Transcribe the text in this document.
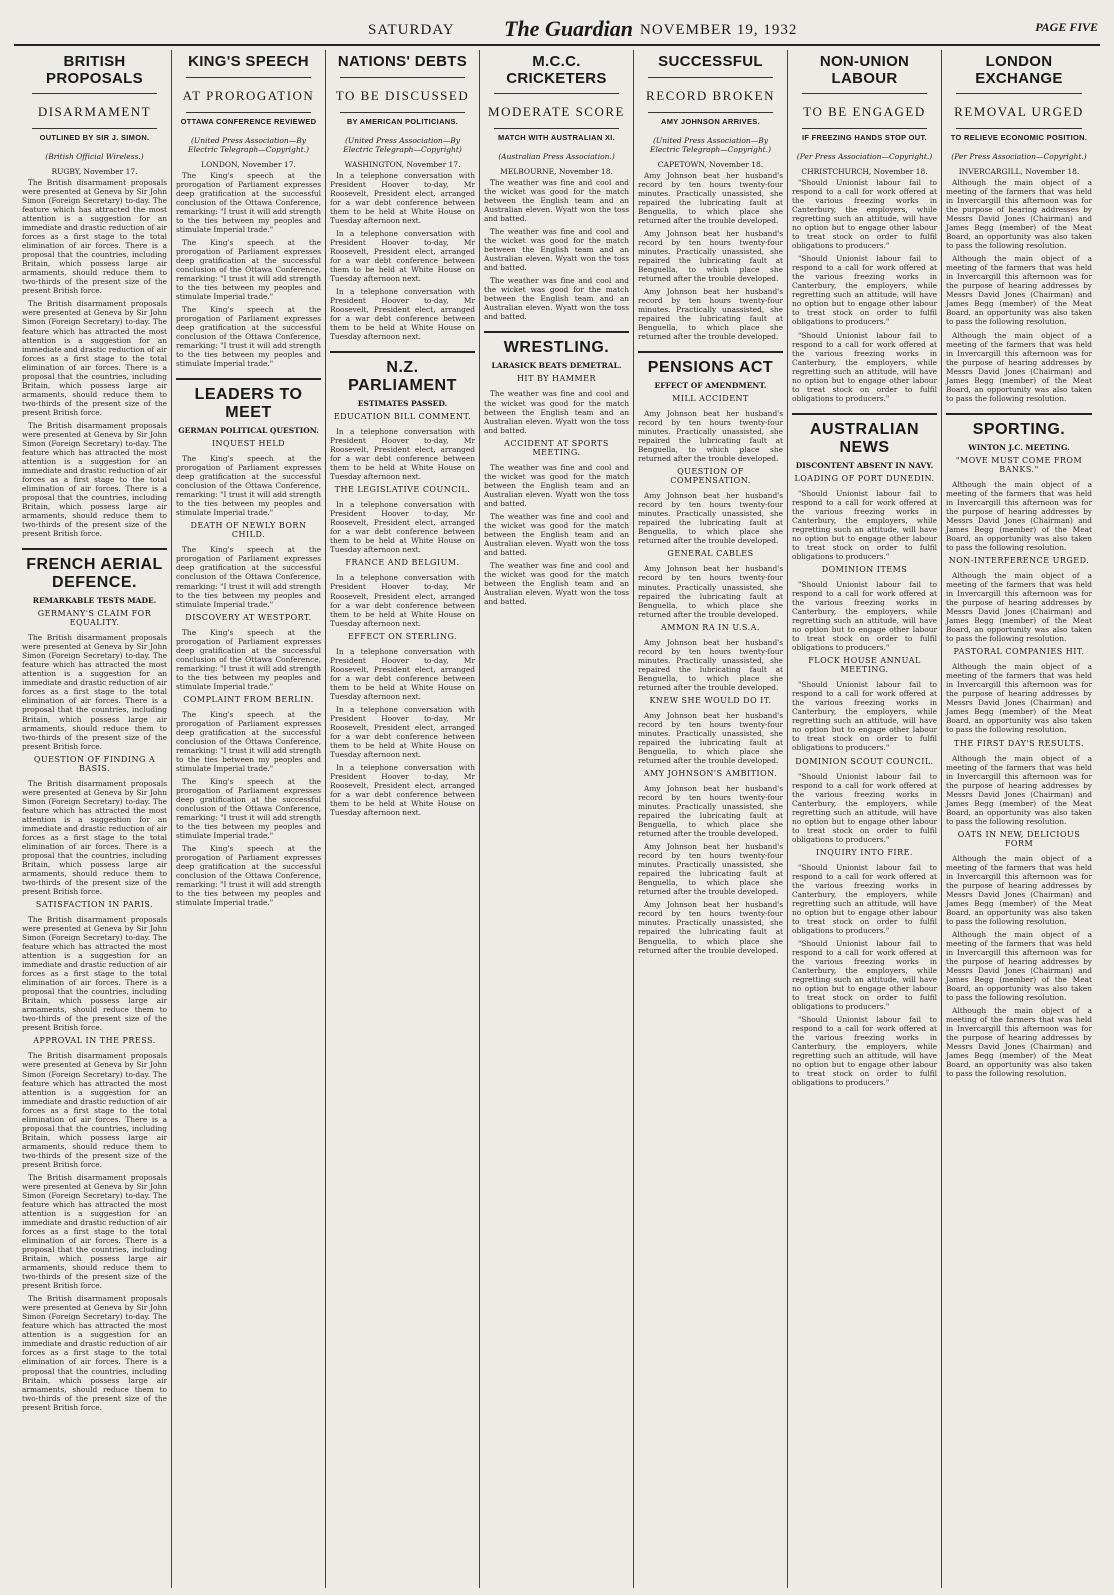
SATURDAY The Guardian NOVEMBER 19, 1932	PAGE FIVE
BRITISH PROPOSALS
DISARMAMENT
OUTLINED BY SIR J. SIMON.
(British Official Wireless.)
RUGBY, November 17.

The British disarmament proposals were presented at Geneva by Sir John Simon (Foreign Secretary) to-day. The feature which has attracted the most attention is a suggestion for an immediate and drastic reduction of air forces as a first stage to the total elimination of air forces. There is a proposal that the countries, including Britain, which possess large air armaments, should reduce them to two-thirds of the present size of the present British force.

The British disarmament proposals were presented at Geneva by Sir John Simon (Foreign Secretary) to-day. The feature which has attracted the most attention is a suggestion for an immediate and drastic reduction of air forces as a first stage to the total elimination of air forces. There is a proposal that the countries, including Britain, which possess large air armaments, should reduce them to two-thirds of the present size of the present British force.

The British disarmament proposals were presented at Geneva by Sir John Simon (Foreign Secretary) to-day. The feature which has attracted the most attention is a suggestion for an immediate and drastic reduction of air forces as a first stage to the total elimination of air forces. There is a proposal that the countries, including Britain, which possess large air armaments, should reduce them to two-thirds of the present size of the present British force.

FRENCH AERIAL DEFENCE.
REMARKABLE TESTS MADE.
GERMANY'S CLAIM FOR EQUALITY.

The British disarmament proposals were presented at Geneva by Sir John Simon (Foreign Secretary) to-day. The feature which has attracted the most attention is a suggestion for an immediate and drastic reduction of air forces as a first stage to the total elimination of air forces. There is a proposal that the countries, including Britain, which possess large air armaments, should reduce them to two-thirds of the present size of the present British force.

QUESTION OF FINDING A BASIS.

The British disarmament proposals were presented at Geneva by Sir John Simon (Foreign Secretary) to-day. The feature which has attracted the most attention is a suggestion for an immediate and drastic reduction of air forces as a first stage to the total elimination of air forces. There is a proposal that the countries, including Britain, which possess large air armaments, should reduce them to two-thirds of the present size of the present British force.

SATISFACTION IN PARIS.

The British disarmament proposals were presented at Geneva by Sir John Simon (Foreign Secretary) to-day. The feature which has attracted the most attention is a suggestion for an immediate and drastic reduction of air forces as a first stage to the total elimination of air forces. There is a proposal that the countries, including Britain, which possess large air armaments, should reduce them to two-thirds of the present size of the present British force.

APPROVAL IN THE PRESS.

The British disarmament proposals were presented at Geneva by Sir John Simon (Foreign Secretary) to-day. The feature which has attracted the most attention is a suggestion for an immediate and drastic reduction of air forces as a first stage to the total elimination of air forces. There is a proposal that the countries, including Britain, which possess large air armaments, should reduce them to two-thirds of the present size of the present British force.

The British disarmament proposals were presented at Geneva by Sir John Simon (Foreign Secretary) to-day. The feature which has attracted the most attention is a suggestion for an immediate and drastic reduction of air forces as a first stage to the total elimination of air forces. There is a proposal that the countries, including Britain, which possess large air armaments, should reduce them to two-thirds of the present size of the present British force.

The British disarmament proposals were presented at Geneva by Sir John Simon (Foreign Secretary) to-day. The feature which has attracted the most attention is a suggestion for an immediate and drastic reduction of air forces as a first stage to the total elimination of air forces. There is a proposal that the countries, including Britain, which possess large air armaments, should reduce them to two-thirds of the present size of the present British force.

KING'S SPEECH
AT PROROGATION
OTTAWA CONFERENCE REVIEWED
(United Press Association—By Electric Telegraph—Copyright.)
LONDON, November 17.

The King's speech at the prorogation of Parliament expresses deep gratification at the successful conclusion of the Ottawa Conference, remarking: "I trust it will add strength to the ties between my peoples and stimulate Imperial trade."

The King's speech at the prorogation of Parliament expresses deep gratification at the successful conclusion of the Ottawa Conference, remarking: "I trust it will add strength to the ties between my peoples and stimulate Imperial trade."

The King's speech at the prorogation of Parliament expresses deep gratification at the successful conclusion of the Ottawa Conference, remarking: "I trust it will add strength to the ties between my peoples and stimulate Imperial trade."

LEADERS TO MEET
GERMAN POLITICAL QUESTION.
INQUEST HELD

The King's speech at the prorogation of Parliament expresses deep gratification at the successful conclusion of the Ottawa Conference, remarking: "I trust it will add strength to the ties between my peoples and stimulate Imperial trade."

DEATH OF NEWLY BORN CHILD.

The King's speech at the prorogation of Parliament expresses deep gratification at the successful conclusion of the Ottawa Conference, remarking: "I trust it will add strength to the ties between my peoples and stimulate Imperial trade."

DISCOVERY AT WESTPORT.

The King's speech at the prorogation of Parliament expresses deep gratification at the successful conclusion of the Ottawa Conference, remarking: "I trust it will add strength to the ties between my peoples and stimulate Imperial trade."

COMPLAINT FROM BERLIN.

The King's speech at the prorogation of Parliament expresses deep gratification at the successful conclusion of the Ottawa Conference, remarking: "I trust it will add strength to the ties between my peoples and stimulate Imperial trade."

The King's speech at the prorogation of Parliament expresses deep gratification at the successful conclusion of the Ottawa Conference, remarking: "I trust it will add strength to the ties between my peoples and stimulate Imperial trade."

The King's speech at the prorogation of Parliament expresses deep gratification at the successful conclusion of the Ottawa Conference, remarking: "I trust it will add strength to the ties between my peoples and stimulate Imperial trade."

NATIONS' DEBTS
TO BE DISCUSSED
BY AMERICAN POLITICIANS.
(United Press Association—By Electric Telegraph—Copyright)
WASHINGTON, November 17.

In a telephone conversation with President Hoover to-day, Mr Roosevelt, President elect, arranged for a war debt conference between them to be held at White House on Tuesday afternoon next.

In a telephone conversation with President Hoover to-day, Mr Roosevelt, President elect, arranged for a war debt conference between them to be held at White House on Tuesday afternoon next.

In a telephone conversation with President Hoover to-day, Mr Roosevelt, President elect, arranged for a war debt conference between them to be held at White House on Tuesday afternoon next.

N.Z. PARLIAMENT
ESTIMATES PASSED.
EDUCATION BILL COMMENT.

In a telephone conversation with President Hoover to-day, Mr Roosevelt, President elect, arranged for a war debt conference between them to be held at White House on Tuesday afternoon next.

THE LEGISLATIVE COUNCIL.

In a telephone conversation with President Hoover to-day, Mr Roosevelt, President elect, arranged for a war debt conference between them to be held at White House on Tuesday afternoon next.

FRANCE AND BELGIUM.

In a telephone conversation with President Hoover to-day, Mr Roosevelt, President elect, arranged for a war debt conference between them to be held at White House on Tuesday afternoon next.

EFFECT ON STERLING.

In a telephone conversation with President Hoover to-day, Mr Roosevelt, President elect, arranged for a war debt conference between them to be held at White House on Tuesday afternoon next.

In a telephone conversation with President Hoover to-day, Mr Roosevelt, President elect, arranged for a war debt conference between them to be held at White House on Tuesday afternoon next.

In a telephone conversation with President Hoover to-day, Mr Roosevelt, President elect, arranged for a war debt conference between them to be held at White House on Tuesday afternoon next.

M.C.C. CRICKETERS
MODERATE SCORE
MATCH WITH AUSTRALIAN XI.
(Australian Press Association.)
MELBOURNE, November 18.

The weather was fine and cool and the wicket was good for the match between the English team and an Australian eleven. Wyatt won the toss and batted.

The weather was fine and cool and the wicket was good for the match between the English team and an Australian eleven. Wyatt won the toss and batted.

The weather was fine and cool and the wicket was good for the match between the English team and an Australian eleven. Wyatt won the toss and batted.

WRESTLING.
LARASICK BEATS DEMETRAL.
HIT BY HAMMER

The weather was fine and cool and the wicket was good for the match between the English team and an Australian eleven. Wyatt won the toss and batted.

ACCIDENT AT SPORTS MEETING.

The weather was fine and cool and the wicket was good for the match between the English team and an Australian eleven. Wyatt won the toss and batted.

The weather was fine and cool and the wicket was good for the match between the English team and an Australian eleven. Wyatt won the toss and batted.

The weather was fine and cool and the wicket was good for the match between the English team and an Australian eleven. Wyatt won the toss and batted.

SUCCESSFUL
RECORD BROKEN
AMY JOHNSON ARRIVES.
(United Press Association—By Electric Telegraph—Copyright.)
CAPETOWN, November 18.

Amy Johnson beat her husband's record by ten hours twenty-four minutes. Practically unassisted, she repaired the lubricating fault at Benguella, to which place she returned after the trouble developed.

Amy Johnson beat her husband's record by ten hours twenty-four minutes. Practically unassisted, she repaired the lubricating fault at Benguella, to which place she returned after the trouble developed.

Amy Johnson beat her husband's record by ten hours twenty-four minutes. Practically unassisted, she repaired the lubricating fault at Benguella, to which place she returned after the trouble developed.

PENSIONS ACT
EFFECT OF AMENDMENT.
MILL ACCIDENT

Amy Johnson beat her husband's record by ten hours twenty-four minutes. Practically unassisted, she repaired the lubricating fault at Benguella, to which place she returned after the trouble developed.

QUESTION OF COMPENSATION.

Amy Johnson beat her husband's record by ten hours twenty-four minutes. Practically unassisted, she repaired the lubricating fault at Benguella, to which place she returned after the trouble developed.

GENERAL CABLES

Amy Johnson beat her husband's record by ten hours twenty-four minutes. Practically unassisted, she repaired the lubricating fault at Benguella, to which place she returned after the trouble developed.

AMMON RA IN U.S.A.

Amy Johnson beat her husband's record by ten hours twenty-four minutes. Practically unassisted, she repaired the lubricating fault at Benguella, to which place she returned after the trouble developed.

KNEW SHE WOULD DO IT.

Amy Johnson beat her husband's record by ten hours twenty-four minutes. Practically unassisted, she repaired the lubricating fault at Benguella, to which place she returned after the trouble developed.

AMY JOHNSON'S AMBITION.

Amy Johnson beat her husband's record by ten hours twenty-four minutes. Practically unassisted, she repaired the lubricating fault at Benguella, to which place she returned after the trouble developed.

Amy Johnson beat her husband's record by ten hours twenty-four minutes. Practically unassisted, she repaired the lubricating fault at Benguella, to which place she returned after the trouble developed.

Amy Johnson beat her husband's record by ten hours twenty-four minutes. Practically unassisted, she repaired the lubricating fault at Benguella, to which place she returned after the trouble developed.

NON-UNION LABOUR
TO BE ENGAGED
IF FREEZING HANDS STOP OUT.
(Per Press Association—Copyright.)
CHRISTCHURCH, November 18.

"Should Unionist labour fail to respond to a call for work offered at the various freezing works in Canterbury, the employers, while regretting such an attitude, will have no option but to engage other labour to treat stock on order to fulfil obligations to producers."

"Should Unionist labour fail to respond to a call for work offered at the various freezing works in Canterbury, the employers, while regretting such an attitude, will have no option but to engage other labour to treat stock on order to fulfil obligations to producers."

"Should Unionist labour fail to respond to a call for work offered at the various freezing works in Canterbury, the employers, while regretting such an attitude, will have no option but to engage other labour to treat stock on order to fulfil obligations to producers."

AUSTRALIAN NEWS
DISCONTENT ABSENT IN NAVY.
LOADING OF PORT DUNEDIN.

"Should Unionist labour fail to respond to a call for work offered at the various freezing works in Canterbury, the employers, while regretting such an attitude, will have no option but to engage other labour to treat stock on order to fulfil obligations to producers."

DOMINION ITEMS

"Should Unionist labour fail to respond to a call for work offered at the various freezing works in Canterbury, the employers, while regretting such an attitude, will have no option but to engage other labour to treat stock on order to fulfil obligations to producers."

FLOCK HOUSE ANNUAL MEETING.

"Should Unionist labour fail to respond to a call for work offered at the various freezing works in Canterbury, the employers, while regretting such an attitude, will have no option but to engage other labour to treat stock on order to fulfil obligations to producers."

DOMINION SCOUT COUNCIL.

"Should Unionist labour fail to respond to a call for work offered at the various freezing works in Canterbury, the employers, while regretting such an attitude, will have no option but to engage other labour to treat stock on order to fulfil obligations to producers."

INQUIRY INTO FIRE.

"Should Unionist labour fail to respond to a call for work offered at the various freezing works in Canterbury, the employers, while regretting such an attitude, will have no option but to engage other labour to treat stock on order to fulfil obligations to producers."

"Should Unionist labour fail to respond to a call for work offered at the various freezing works in Canterbury, the employers, while regretting such an attitude, will have no option but to engage other labour to treat stock on order to fulfil obligations to producers."

"Should Unionist labour fail to respond to a call for work offered at the various freezing works in Canterbury, the employers, while regretting such an attitude, will have no option but to engage other labour to treat stock on order to fulfil obligations to producers."

LONDON EXCHANGE
REMOVAL URGED
TO RELIEVE ECONOMIC POSITION.
(Per Press Association—Copyright.)
INVERCARGILL, November 18.

Although the main object of a meeting of the farmers that was held in Invercargill this afternoon was for the purpose of hearing addresses by Messrs David Jones (Chairman) and James Begg (member) of the Meat Board, an opportunity was also taken to pass the following resolution.

Although the main object of a meeting of the farmers that was held in Invercargill this afternoon was for the purpose of hearing addresses by Messrs David Jones (Chairman) and James Begg (member) of the Meat Board, an opportunity was also taken to pass the following resolution.

Although the main object of a meeting of the farmers that was held in Invercargill this afternoon was for the purpose of hearing addresses by Messrs David Jones (Chairman) and James Begg (member) of the Meat Board, an opportunity was also taken to pass the following resolution.

SPORTING.
WINTON J.C. MEETING.
"MOVE MUST COME FROM BANKS."

Although the main object of a meeting of the farmers that was held in Invercargill this afternoon was for the purpose of hearing addresses by Messrs David Jones (Chairman) and James Begg (member) of the Meat Board, an opportunity was also taken to pass the following resolution.

NON-INTERFERENCE URGED.

Although the main object of a meeting of the farmers that was held in Invercargill this afternoon was for the purpose of hearing addresses by Messrs David Jones (Chairman) and James Begg (member) of the Meat Board, an opportunity was also taken to pass the following resolution.

PASTORAL COMPANIES HIT.

Although the main object of a meeting of the farmers that was held in Invercargill this afternoon was for the purpose of hearing addresses by Messrs David Jones (Chairman) and James Begg (member) of the Meat Board, an opportunity was also taken to pass the following resolution.

THE FIRST DAY'S RESULTS.

Although the main object of a meeting of the farmers that was held in Invercargill this afternoon was for the purpose of hearing addresses by Messrs David Jones (Chairman) and James Begg (member) of the Meat Board, an opportunity was also taken to pass the following resolution.

OATS IN NEW, DELICIOUS FORM

Although the main object of a meeting of the farmers that was held in Invercargill this afternoon was for the purpose of hearing addresses by Messrs David Jones (Chairman) and James Begg (member) of the Meat Board, an opportunity was also taken to pass the following resolution.

Although the main object of a meeting of the farmers that was held in Invercargill this afternoon was for the purpose of hearing addresses by Messrs David Jones (Chairman) and James Begg (member) of the Meat Board, an opportunity was also taken to pass the following resolution.

Although the main object of a meeting of the farmers that was held in Invercargill this afternoon was for the purpose of hearing addresses by Messrs David Jones (Chairman) and James Begg (member) of the Meat Board, an opportunity was also taken to pass the following resolution.
